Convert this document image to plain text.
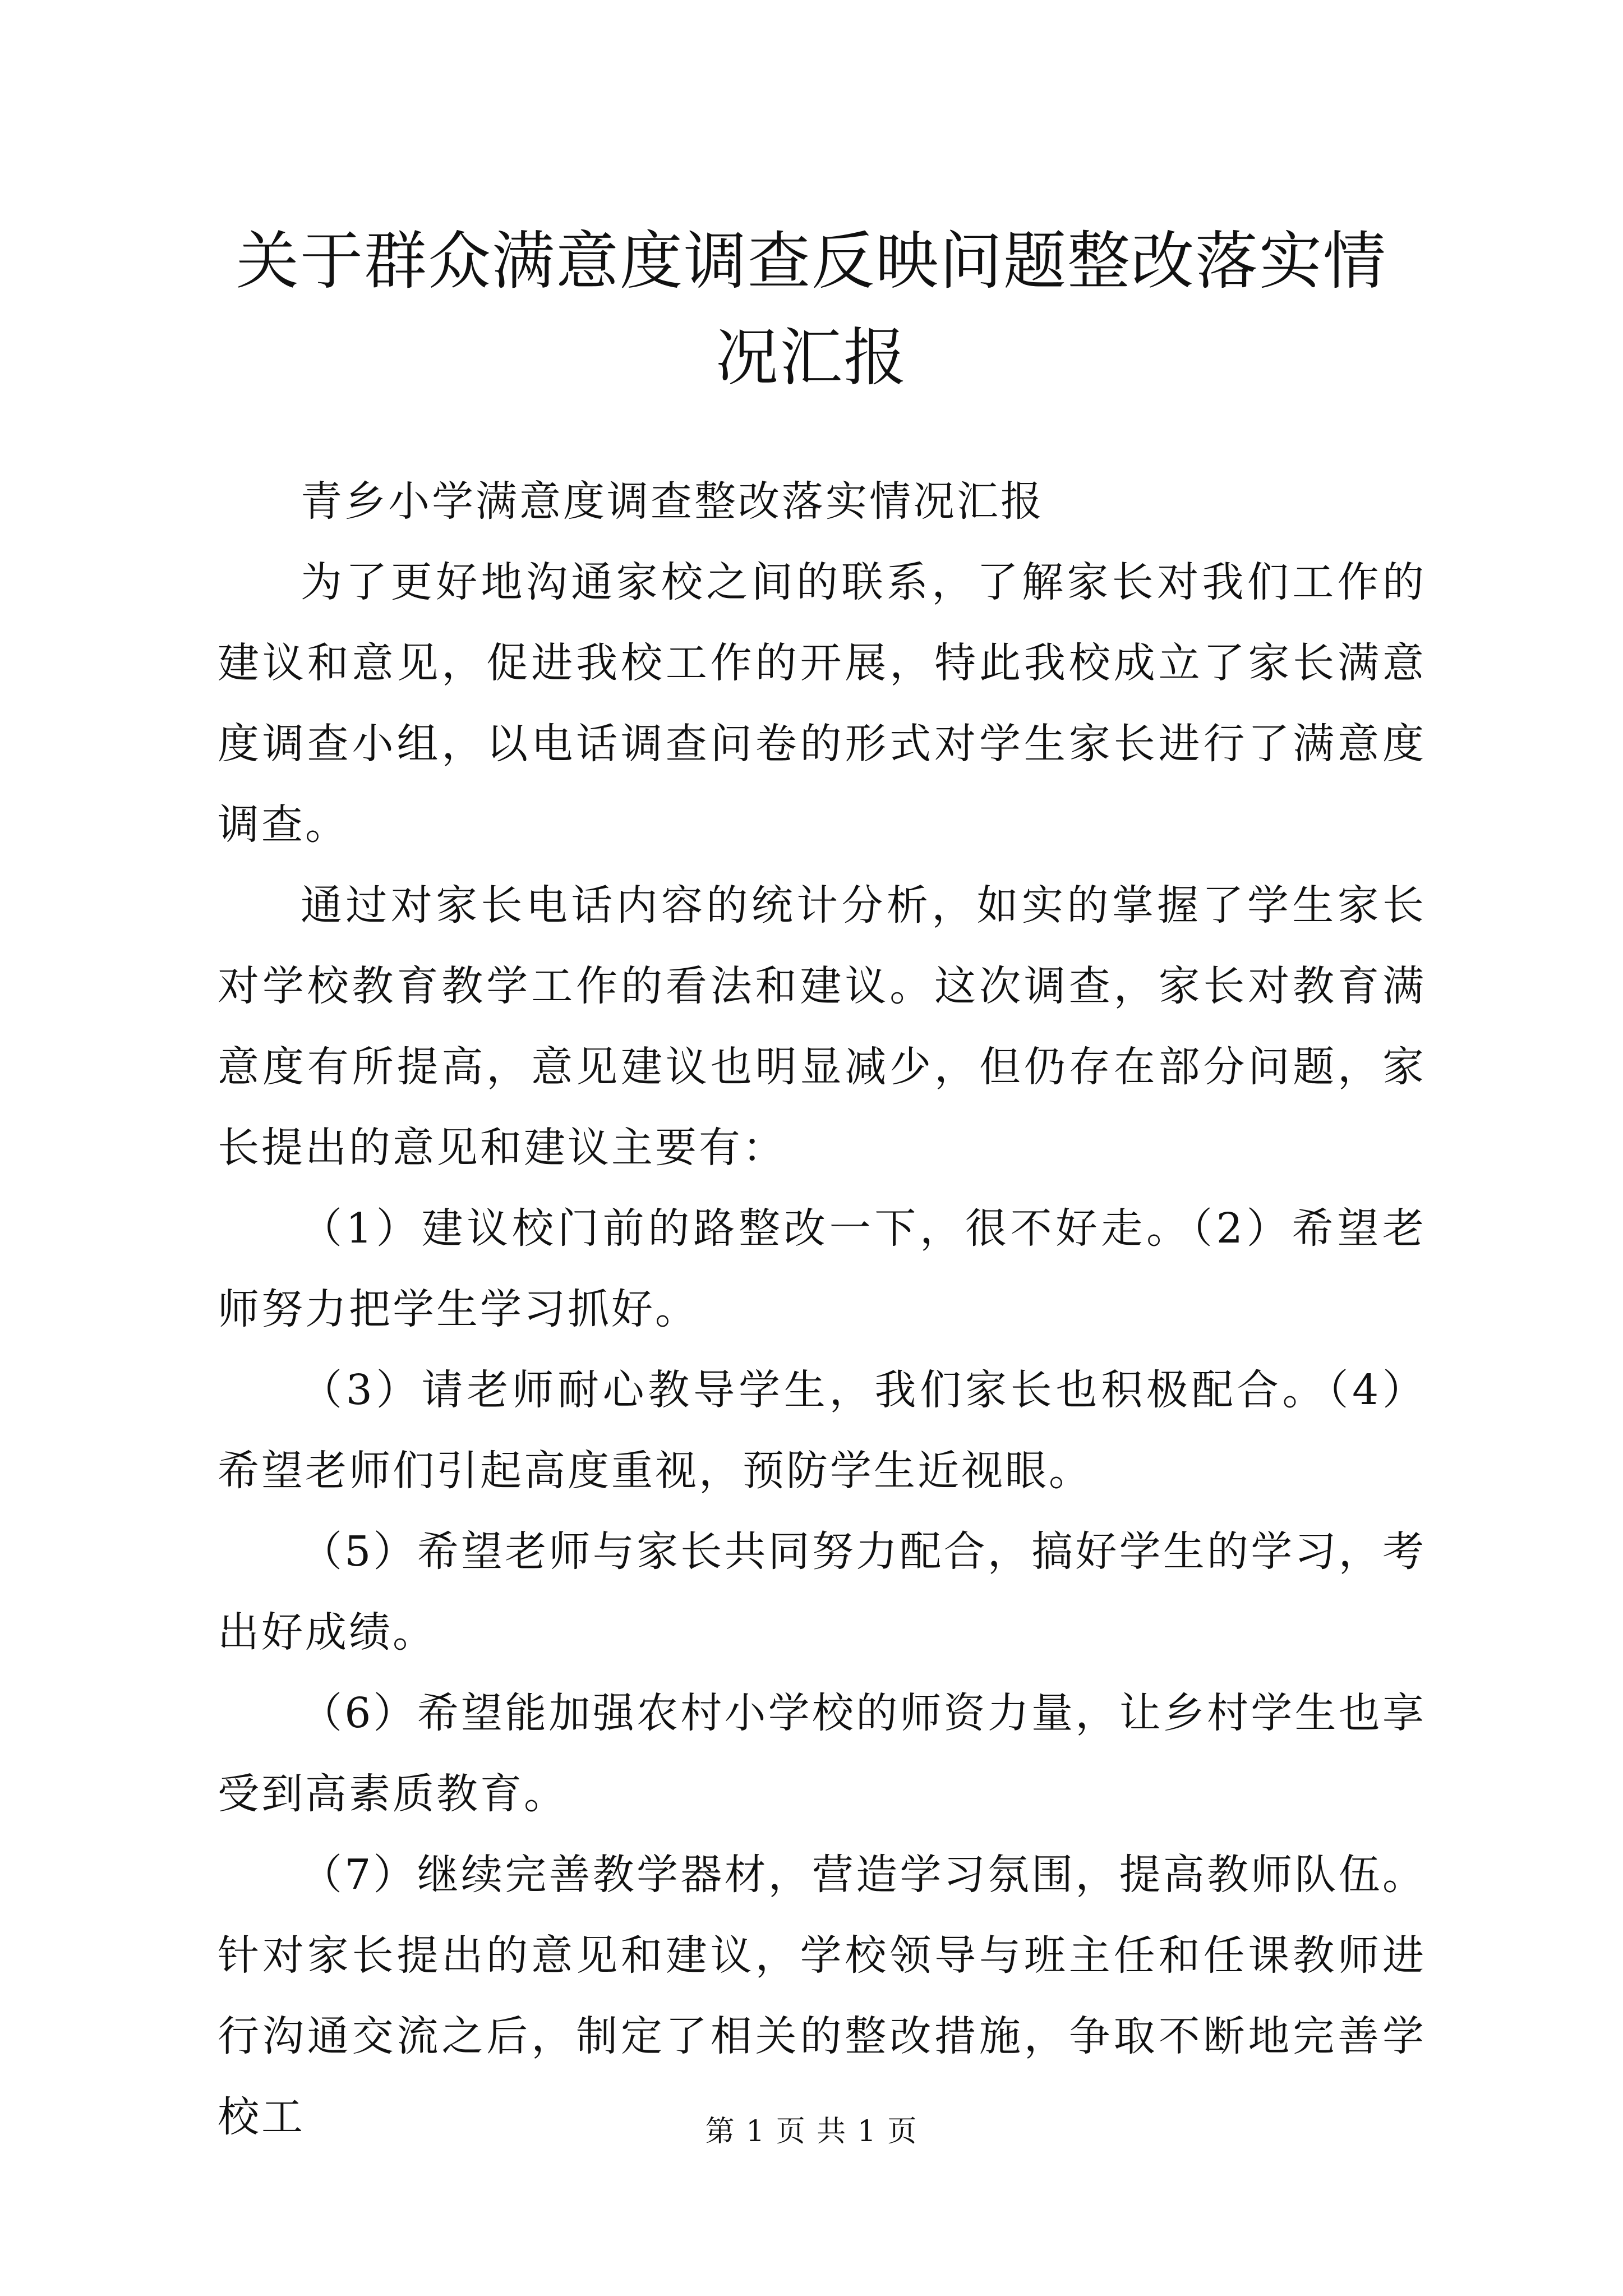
关于群众满意度调查反映问题整改落实情况汇报

青乡小学满意度调查整改落实情况汇报

为了更好地沟通家校之间的联系，了解家长对我们工作的建议和意见，促进我校工作的开展，特此我校成立了家长满意度调查小组，以电话调查问卷的形式对学生家长进行了满意度调查。

通过对家长电话内容的统计分析，如实的掌握了学生家长对学校教育教学工作的看法和建议。这次调查，家长对教育满意度有所提高，意见建议也明显减少，但仍存在部分问题，家长提出的意见和建议主要有：

（1）建议校门前的路整改一下，很不好走。（2）希望老师努力把学生学习抓好。

（3）请老师耐心教导学生，我们家长也积极配合。（4）希望老师们引起高度重视，预防学生近视眼。

（5）希望老师与家长共同努力配合，搞好学生的学习，考出好成绩。

（6）希望能加强农村小学校的师资力量，让乡村学生也享受到高素质教育。

（7）继续完善教学器材，营造学习氛围，提高教师队伍。针对家长提出的意见和建议，学校领导与班主任和任课教师进行沟通交流之后，制定了相关的整改措施，争取不断地完善学校工	第 1 页 共 1 页
